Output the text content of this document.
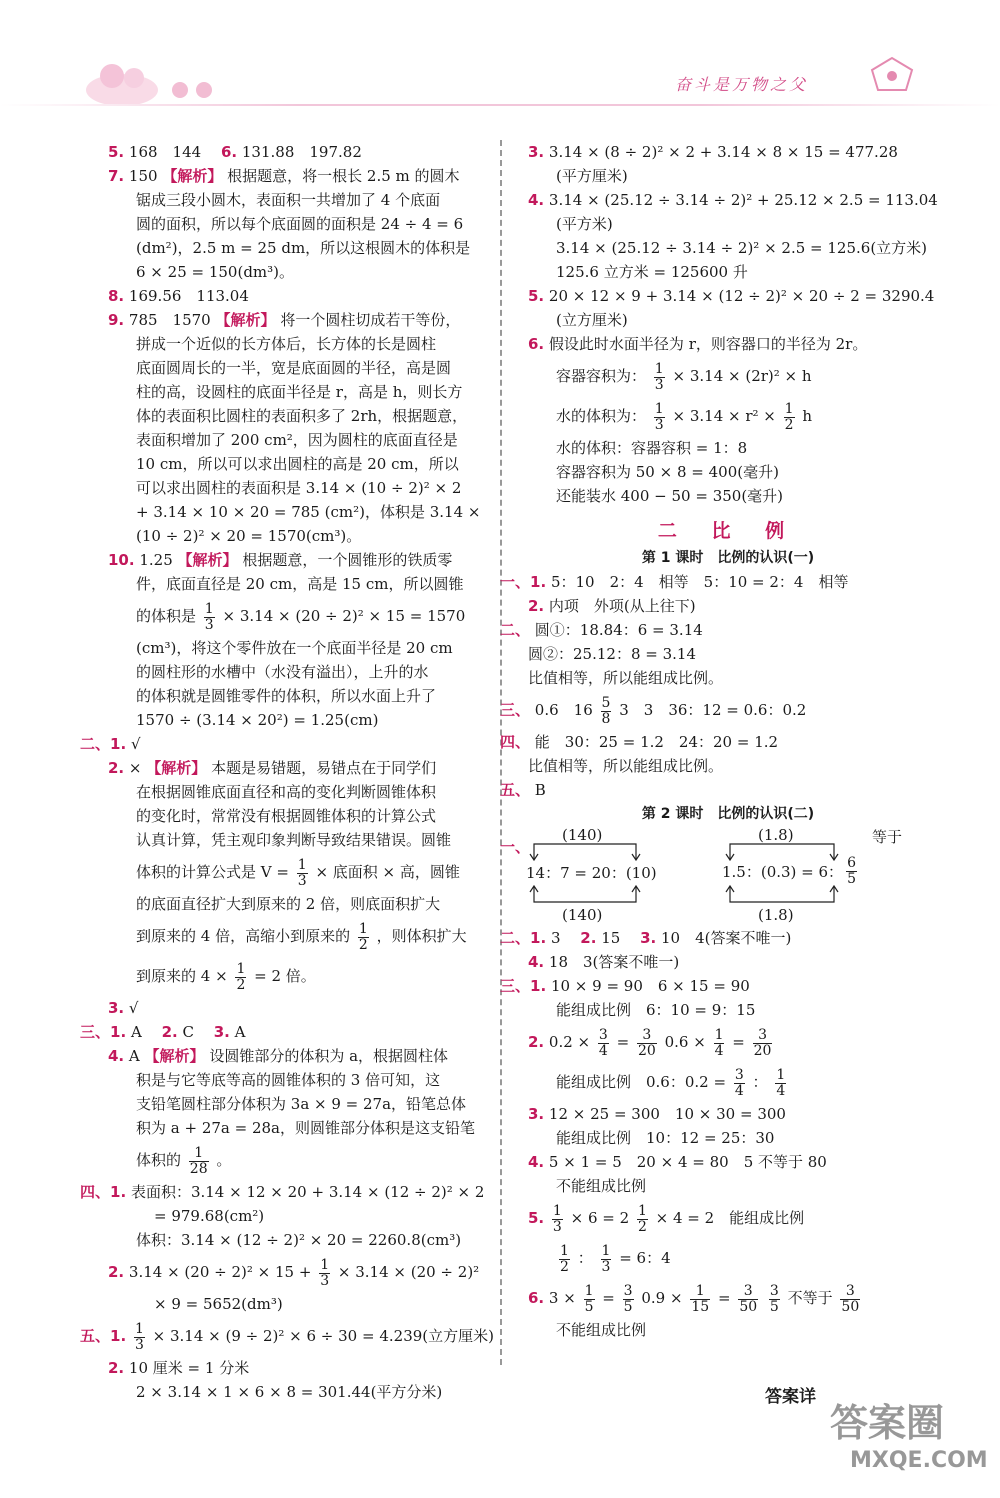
奋斗是万物之父
5. 168　144　 6. 131.88　197.82
7. 150 【解析】 根据题意，将一根长 2.5 m 的圆木
锯成三段小圆木，表面积一共增加了 4 个底面
圆的面积，所以每个底面圆的面积是 24 ÷ 4 = 6
(dm²)，2.5 m = 25 dm，所以这根圆木的体积是
6 × 25 = 150(dm³)。
8. 169.56　113.04
9. 785　1570 【解析】 将一个圆柱切成若干等份，
拼成一个近似的长方体后，长方体的长是圆柱
底面圆周长的一半，宽是底面圆的半径，高是圆
柱的高，设圆柱的底面半径是 r，高是 h，则长方
体的表面积比圆柱的表面积多了 2rh，根据题意，
表面积增加了 200 cm²，因为圆柱的底面直径是
10 cm，所以可以求出圆柱的高是 20 cm，所以
可以求出圆柱的表面积是 3.14 × (10 ÷ 2)² × 2
+ 3.14 × 10 × 20 = 785 (cm²)，体积是 3.14 ×
(10 ÷ 2)² × 20 = 1570(cm³)。
10. 1.25 【解析】 根据题意，一个圆锥形的铁质零
件，底面直径是 20 cm，高是 15 cm，所以圆锥
的体积是 $\frac{1}{3} \times 3.14 \times (20 \div 2)^2 \times 15 = 1570$
(cm³)，将这个零件放在一个底面半径是 20 cm
的圆柱形的水槽中（水没有溢出），上升的水
的体积就是圆锥零件的体积，所以水面上升了
1570 ÷ (3.14 × 20²) = 1.25(cm)
二、1. √
2. × 【解析】 本题是易错题，易错点在于同学们
在根据圆锥底面直径和高的变化判断圆锥体积
的变化时，常常没有根据圆锥体积的计算公式
认真计算，凭主观印象判断导致结果错误。圆锥
体积的计算公式是 $V = \frac{1}{3}$ × 底面积 × 高，圆锥
的底面直径扩大到原来的 2 倍，则底面积扩大
到原来的 4 倍，高缩小到原来的 $\frac{1}{2}$ ，则体积扩大
到原来的 $4 \times \frac{1}{2} = 2$ 倍。
3. √
三、1. A　 2. C　 3. A
4. A 【解析】 设圆锥部分的体积为 a，根据圆柱体
积是与它等底等高的圆锥体积的 3 倍可知，这
支铅笔圆柱部分体积为 3a × 9 = 27a，铅笔总体
积为 a + 27a = 28a，则圆锥部分体积是这支铅笔
体积的 $\frac{1}{28}$ 。
四、1. 表面积：3.14 × 12 × 20 + 3.14 × (12 ÷ 2)² × 2
= 979.68(cm²)
体积：3.14 × (12 ÷ 2)² × 20 = 2260.8(cm³)
2. $3.14 \times (20 \div 2)^2 \times 15 + \frac{1}{3} \times 3.14 \times (20 \div 2)^2$
× 9 = 5652(dm³)
五、1. $\frac{1}{3} \times 3.14 \times (9 \div 2)^2 \times 6 \div 30 = 4.239$(立方厘米)
2. 10 厘米 = 1 分米
2 × 3.14 × 1 × 6 × 8 = 301.44(平方分米)
3. 3.14 × (8 ÷ 2)² × 2 + 3.14 × 8 × 15 = 477.28
(平方厘米)
4. 3.14 × (25.12 ÷ 3.14 ÷ 2)² + 25.12 × 2.5 = 113.04
(平方米)
3.14 × (25.12 ÷ 3.14 ÷ 2)² × 2.5 = 125.6(立方米)
125.6 立方米 = 125600 升
5. 20 × 12 × 9 + 3.14 × (12 ÷ 2)² × 20 ÷ 2 = 3290.4
(立方厘米)
6. 假设此时水面半径为 r，则容器口的半径为 2r。
容器容积为： $\frac{1}{3} \times 3.14 \times (2r)^2 \times h$
水的体积为： $\frac{1}{3} \times 3.14 \times r^2 \times \frac{1}{2}$ h
水的体积：容器容积 = 1：8
容器容积为 50 × 8 = 400(毫升)
还能装水 400 − 50 = 350(毫升)
二 比 例
第 1 课时　比例的认识(一)
一、1. 5：10　2：4　相等　5：10 = 2：4　相等
2. 内项　外项(从上往下)
二、 圆①：18.84：6 = 3.14
圆②：25.12：8 = 3.14
比值相等，所以能组成比例。
三、 0.6　$16 \frac{5}{8} 3$　3　36：12 = 0.6：0.2
四、 能　30：25 = 1.2　24：20 = 1.2
比值相等，所以能组成比例。
五、 B
第 2 课时　比例的认识(二)
一、
(140)	(1.8)	等于
14：7 = 20：(10)	1.5：(0.3) = 6： 6
5
(140)	(1.8)
二、1. 3　 2. 15　 3. 10　4(答案不唯一)
4. 18　3(答案不唯一)
三、1. 10 × 9 = 90　6 × 15 = 90
能组成比例　6：10 = 9：15
2. $0.2 \times \frac{3}{4} = \frac{3}{20} 0.6 \times \frac{1}{4} = \frac{3}{20}$
能组成比例　0.6：$0.2 = \frac{3}{4}$ ： $\frac{1}{4}$
3. 12 × 25 = 300　10 × 30 = 300
能组成比例　10：12 = 25：30
4. 5 × 1 = 5　20 × 4 = 80　5 不等于 80
不能组成比例
5. $\frac{1}{3} \times 6 = 2 \frac{1}{2} \times 4 = 2$　能组成比例
$\frac{1}{2}$ ： $\frac{1}{3} = 6$：4
6. $3 \times \frac{1}{5} = \frac{3}{5} 0.9 \times \frac{1}{15} = \frac{3}{50}$
$\frac{3}{5}$ 不等于 $\frac{3}{50}$
不能组成比例
答案详
答案圈
MXQE.COM
